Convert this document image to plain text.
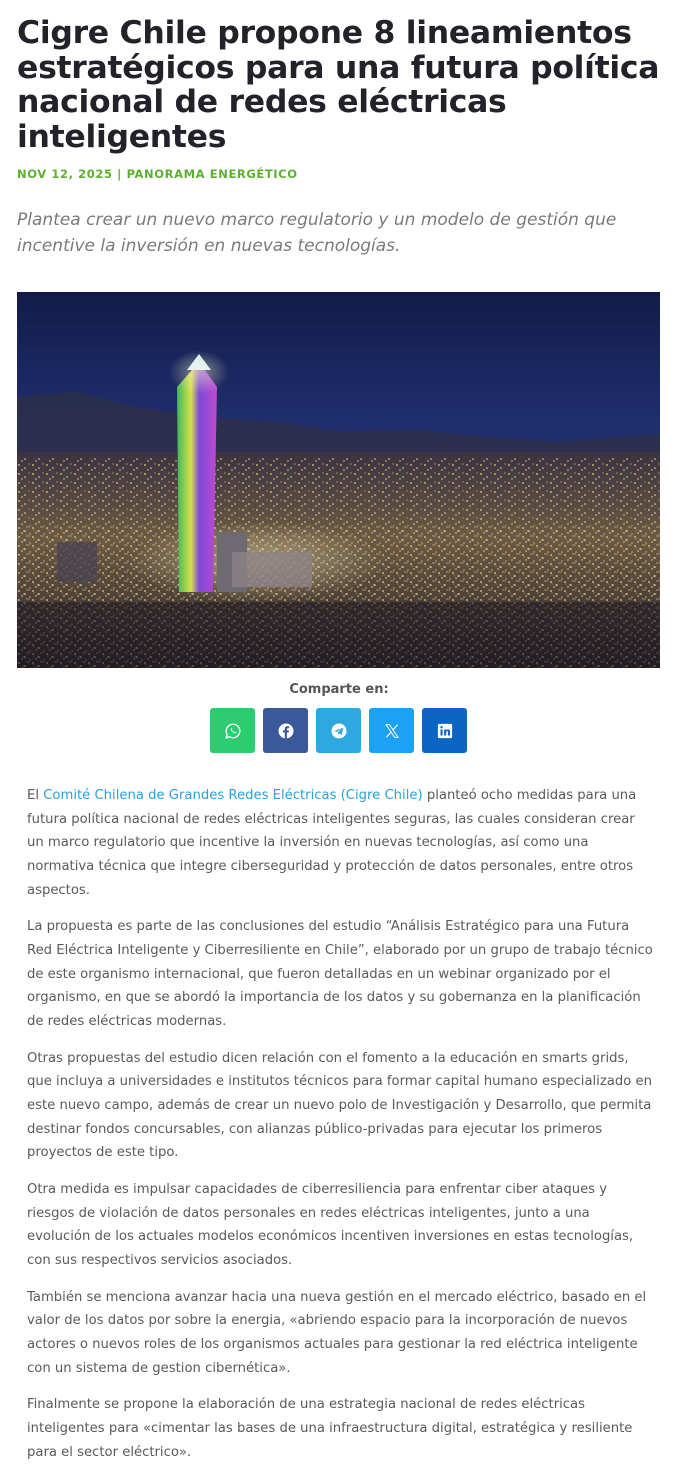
Cigre Chile propone 8 lineamientos estratégicos para una futura política nacional de redes eléctricas inteligentes
NOV 12, 2025 | PANORAMA ENERGÉTICO

Plantea crear un nuevo marco regulatorio y un modelo de gestión que incentive la inversión en nuevas tecnologías.

Comparte en:

El Comité Chilena de Grandes Redes Eléctricas (Cigre Chile) planteó ocho medidas para una futura política nacional de redes eléctricas inteligentes seguras, las cuales consideran crear un marco regulatorio que incentive la inversión en nuevas tecnologías, así como una normativa técnica que integre ciberseguridad y protección de datos personales, entre otros aspectos.

La propuesta es parte de las conclusiones del estudio “Análisis Estratégico para una Futura Red Eléctrica Inteligente y Ciberresiliente en Chile”, elaborado por un grupo de trabajo técnico de este organismo internacional, que fueron detalladas en un webinar organizado por el organismo, en que se abordó la importancia de los datos y su gobernanza en la planificación de redes eléctricas modernas.

Otras propuestas del estudio dicen relación con el fomento a la educación en smarts grids, que incluya a universidades e institutos técnicos para formar capital humano especializado en este nuevo campo, además de crear un nuevo polo de Investigación y Desarrollo, que permita destinar fondos concursables, con alianzas público-privadas para ejecutar los primeros proyectos de este tipo.

Otra medida es impulsar capacidades de ciberresiliencia para enfrentar ciber ataques y riesgos de violación de datos personales en redes eléctricas inteligentes, junto a una evolución de los actuales modelos económicos incentiven inversiones en estas tecnologías, con sus respectivos servicios asociados.

También se menciona avanzar hacia una nueva gestión en el mercado eléctrico, basado en el valor de los datos por sobre la energia, «abriendo espacio para la incorporación de nuevos actores o nuevos roles de los organismos actuales para gestionar la red eléctrica inteligente con un sistema de gestion cibernética».

Finalmente se propone la elaboración de una estrategia nacional de redes eléctricas inteligentes para «cimentar las bases de una infraestructura digital, estratégica y resiliente para el sector eléctrico».
